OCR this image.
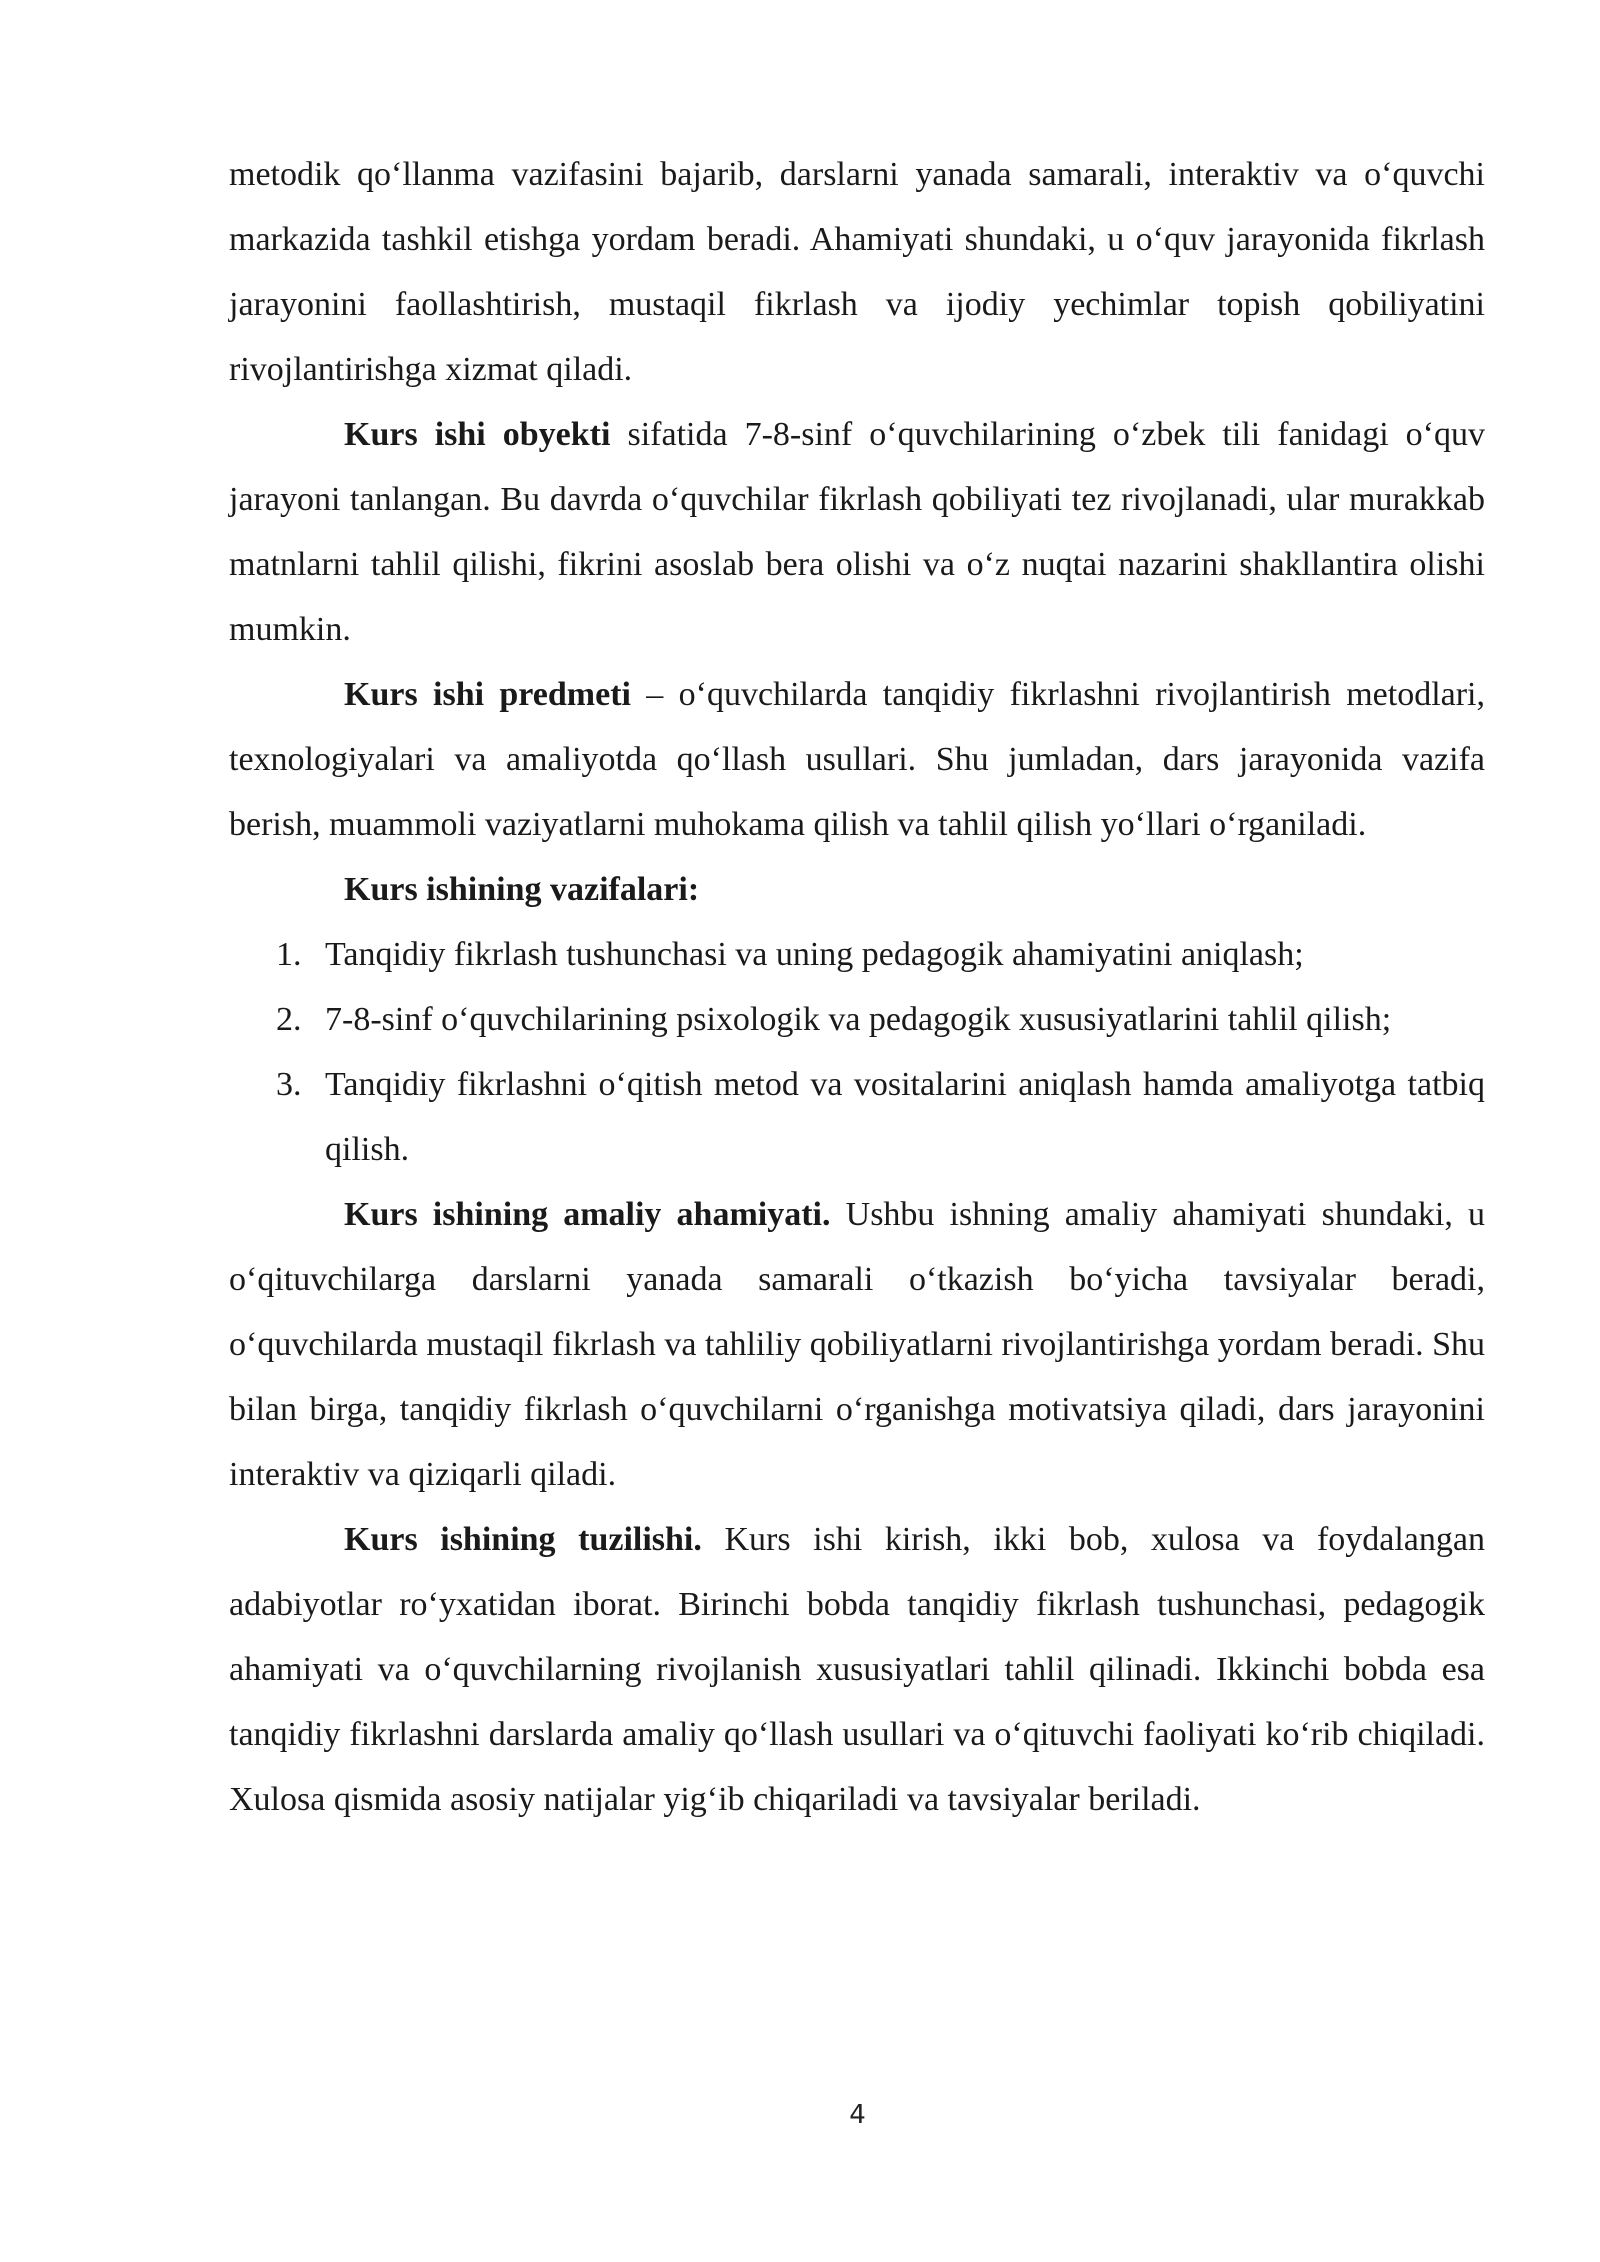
metodik qo‘llanma vazifasini bajarib, darslarni yanada samarali, interaktiv va o‘quvchi markazida tashkil etishga yordam beradi. Ahamiyati shundaki, u o‘quv jarayonida fikrlash jarayonini faollashtirish, mustaqil fikrlash va ijodiy yechimlar topish qobiliyatini rivojlantirishga xizmat qiladi.

Kurs ishi obyekti sifatida 7-8-sinf o‘quvchilarining o‘zbek tili fanidagi o‘quv jarayoni tanlangan. Bu davrda o‘quvchilar fikrlash qobiliyati tez rivojlanadi, ular murakkab matnlarni tahlil qilishi, fikrini asoslab bera olishi va o‘z nuqtai nazarini shakllantira olishi mumkin.

Kurs ishi predmeti – o‘quvchilarda tanqidiy fikrlashni rivojlantirish metodlari, texnologiyalari va amaliyotda qo‘llash usullari. Shu jumladan, dars jarayonida vazifa berish, muammoli vaziyatlarni muhokama qilish va tahlil qilish yo‘llari o‘rganiladi.

Kurs ishining vazifalari:

1. Tanqidiy fikrlash tushunchasi va uning pedagogik ahamiyatini aniqlash;
2. 7-8-sinf o‘quvchilarining psixologik va pedagogik xususiyatlarini tahlil qilish;
3. Tanqidiy fikrlashni o‘qitish metod va vositalarini aniqlash hamda amaliyotga tatbiq qilish.

Kurs ishining amaliy ahamiyati. Ushbu ishning amaliy ahamiyati shundaki, u o‘qituvchilarga darslarni yanada samarali o‘tkazish bo‘yicha tavsiyalar beradi, o‘quvchilarda mustaqil fikrlash va tahliliy qobiliyatlarni rivojlantirishga yordam beradi. Shu bilan birga, tanqidiy fikrlash o‘quvchilarni o‘rganishga motivatsiya qiladi, dars jarayonini interaktiv va qiziqarli qiladi.

Kurs ishining tuzilishi. Kurs ishi kirish, ikki bob, xulosa va foydalangan adabiyotlar ro‘yxatidan iborat. Birinchi bobda tanqidiy fikrlash tushunchasi, pedagogik ahamiyati va o‘quvchilarning rivojlanish xususiyatlari tahlil qilinadi. Ikkinchi bobda esa tanqidiy fikrlashni darslarda amaliy qo‘llash usullari va o‘qituvchi faoliyati ko‘rib chiqiladi. Xulosa qismida asosiy natijalar yig‘ib chiqariladi va tavsiyalar beriladi.

4
